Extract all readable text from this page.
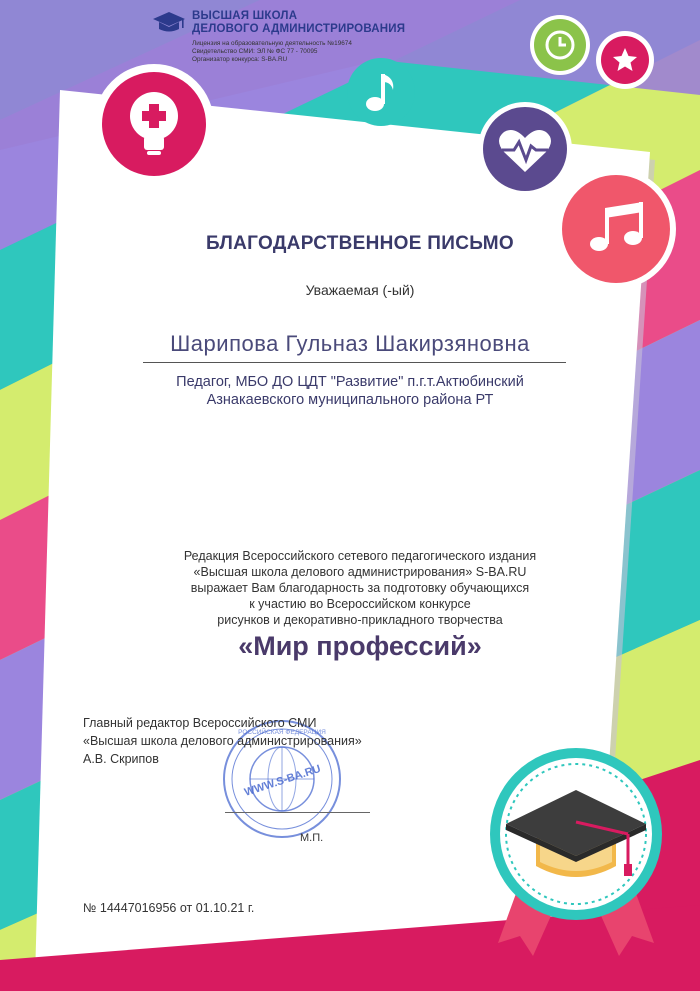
ВЫСШАЯ ШКОЛА
ДЕЛОВОГО АДМИНИСТРИРОВАНИЯ
Лицензия на образовательную деятельность №19674
Свидетельство СМИ: ЭЛ № ФС 77 - 70095
Организатор конкурса: S-BA.RU
БЛАГОДАРСТВЕННОЕ ПИСЬМО
Уважаемая (-ый)
Шарипова Гульназ Шакирзяновна
Педагог, МБО ДО ЦДТ "Развитие" п.г.т.Актюбинский
Азнакаевского муниципального района РТ
Редакция Всероссийского сетевого педагогического издания
«Высшая школа делового администрирования» S-BA.RU
выражает Вам благодарность за подготовку обучающихся
к участию во Всероссийском конкурсе
рисунков и декоративно-прикладного творчества
«Мир профессий»
WWW.S-BA.RU
РОССИЙСКАЯ ФЕДЕРАЦИЯ
Главный редактор Всероссийского СМИ
«Высшая школа делового администрирования»
А.В. Скрипов
М.П.
№ 14447016956 от 01.10.21 г.
